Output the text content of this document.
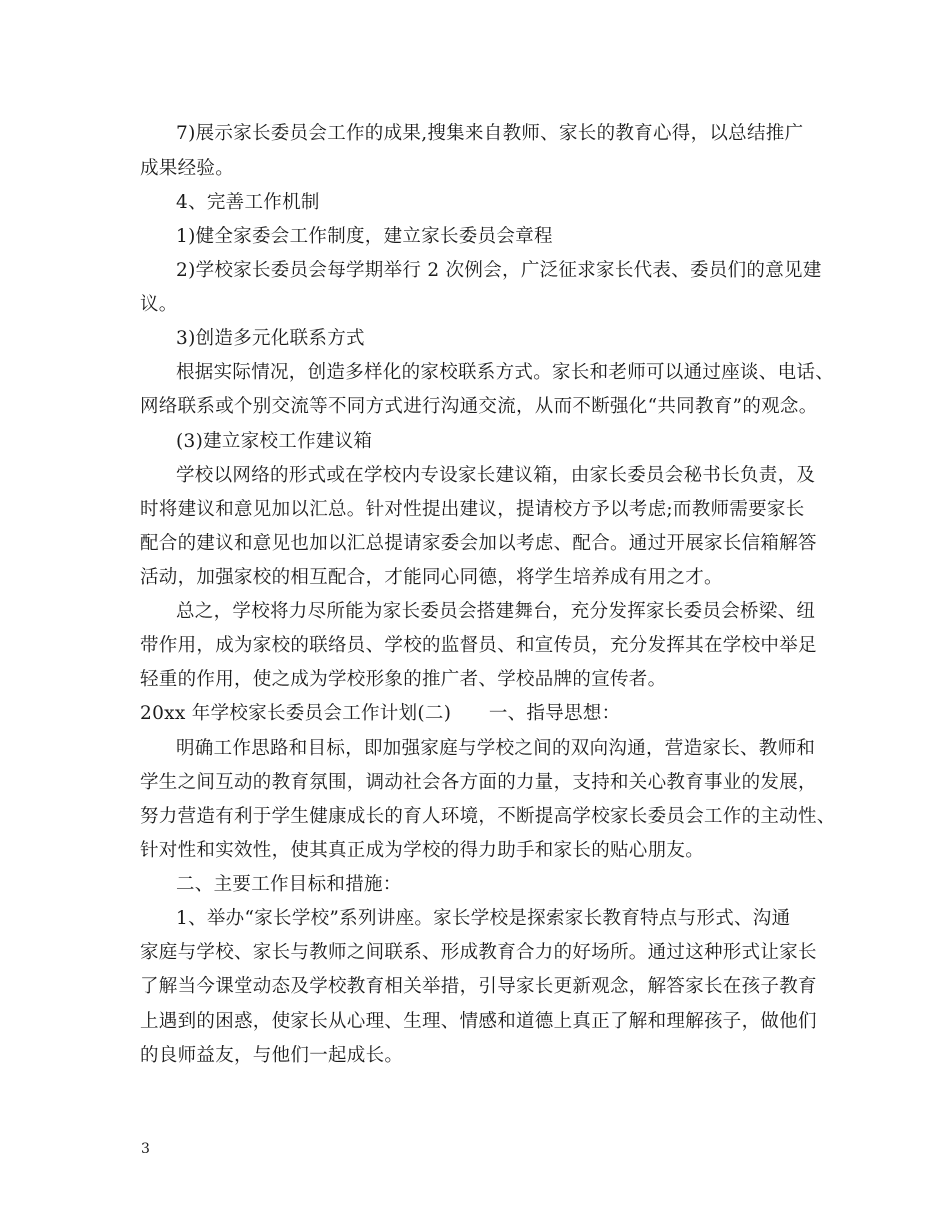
7)展示家长委员会工作的成果,搜集来自教师、家长的教育心得，以总结推广
成果经验。
4、完善工作机制
1)健全家委会工作制度，建立家长委员会章程
2)学校家长委员会每学期举行 2 次例会，广泛征求家长代表、委员们的意见建
议。
3)创造多元化联系方式
根据实际情况，创造多样化的家校联系方式。家长和老师可以通过座谈、电话、
网络联系或个别交流等不同方式进行沟通交流，从而不断强化“共同教育”的观念。
(3)建立家校工作建议箱
学校以网络的形式或在学校内专设家长建议箱，由家长委员会秘书长负责，及
时将建议和意见加以汇总。针对性提出建议，提请校方予以考虑;而教师需要家长
配合的建议和意见也加以汇总提请家委会加以考虑、配合。通过开展家长信箱解答
活动，加强家校的相互配合，才能同心同德，将学生培养成有用之才。
总之，学校将力尽所能为家长委员会搭建舞台，充分发挥家长委员会桥梁、纽
带作用，成为家校的联络员、学校的监督员、和宣传员，充分发挥其在学校中举足
轻重的作用，使之成为学校形象的推广者、学校品牌的宣传者。
20xx 年学校家长委员会工作计划(二)　　一、指导思想：
明确工作思路和目标，即加强家庭与学校之间的双向沟通，营造家长、教师和
学生之间互动的教育氛围，调动社会各方面的力量，支持和关心教育事业的发展，
努力营造有利于学生健康成长的育人环境，不断提高学校家长委员会工作的主动性、
针对性和实效性，使其真正成为学校的得力助手和家长的贴心朋友。
二、主要工作目标和措施：
1、举办“家长学校”系列讲座。家长学校是探索家长教育特点与形式、沟通
家庭与学校、家长与教师之间联系、形成教育合力的好场所。通过这种形式让家长
了解当今课堂动态及学校教育相关举措，引导家长更新观念，解答家长在孩子教育
上遇到的困惑，使家长从心理、生理、情感和道德上真正了解和理解孩子，做他们
的良师益友，与他们一起成长。
3
